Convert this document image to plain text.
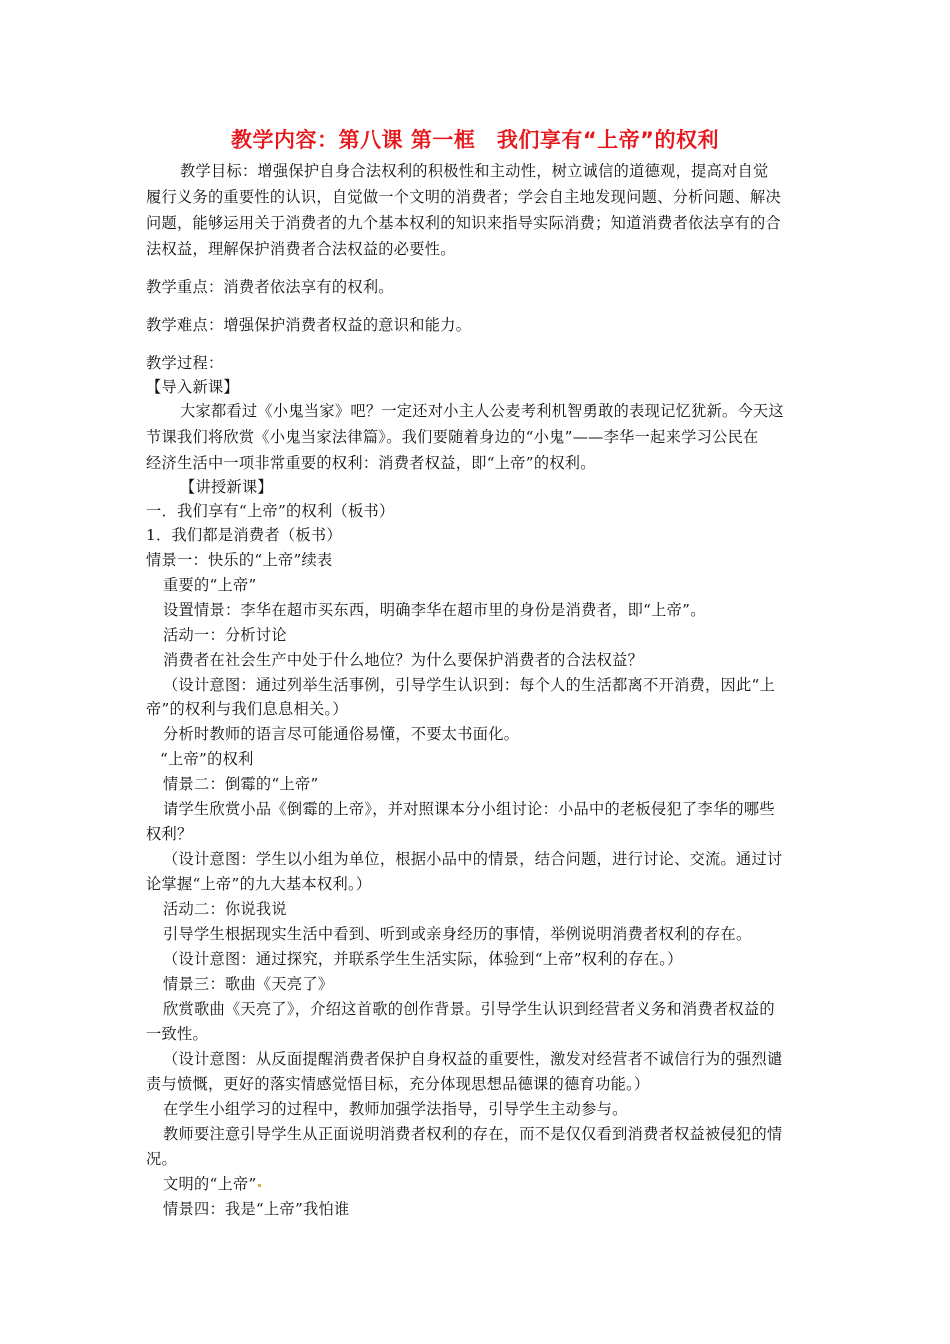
教学内容：第八课 第一框　我们享有“上帝”的权利
教学目标：增强保护自身合法权利的积极性和主动性，树立诚信的道德观，提高对自觉
履行义务的重要性的认识，自觉做一个文明的消费者；学会自主地发现问题、分析问题、解决
问题，能够运用关于消费者的九个基本权利的知识来指导实际消费；知道消费者依法享有的合
法权益，理解保护消费者合法权益的必要性。
教学重点：消费者依法享有的权利。
教学难点：增强保护消费者权益的意识和能力。
教学过程：
【导入新课】
大家都看过《小鬼当家》吧？一定还对小主人公麦考利机智勇敢的表现记忆犹新。今天这
节课我们将欣赏《小鬼当家法律篇》。我们要随着身边的“小鬼”——李华一起来学习公民在
经济生活中一项非常重要的权利：消费者权益，即“上帝”的权利。
【讲授新课】
一．我们享有“上帝”的权利（板书）
1．我们都是消费者（板书）
情景一：快乐的“上帝”续表
重要的“上帝”
设置情景：李华在超市买东西，明确李华在超市里的身份是消费者，即“上帝”。
活动一：分析讨论
消费者在社会生产中处于什么地位？为什么要保护消费者的合法权益？
（设计意图：通过列举生活事例，引导学生认识到：每个人的生活都离不开消费，因此“上
帝”的权利与我们息息相关。）
分析时教师的语言尽可能通俗易懂，不要太书面化。
“上帝”的权利
情景二：倒霉的“上帝”
请学生欣赏小品《倒霉的上帝》，并对照课本分小组讨论：小品中的老板侵犯了李华的哪些
权利？
（设计意图：学生以小组为单位，根据小品中的情景，结合问题，进行讨论、交流。通过讨
论掌握“上帝”的九大基本权利。）
活动二：你说我说
引导学生根据现实生活中看到、听到或亲身经历的事情，举例说明消费者权利的存在。
（设计意图：通过探究，并联系学生生活实际，体验到“上帝”权利的存在。）
情景三：歌曲《天亮了》
欣赏歌曲《天亮了》，介绍这首歌的创作背景。引导学生认识到经营者义务和消费者权益的
一致性。
（设计意图：从反面提醒消费者保护自身权益的重要性，激发对经营者不诚信行为的强烈谴
责与愤慨，更好的落实情感觉悟目标，充分体现思想品德课的德育功能。）
在学生小组学习的过程中，教师加强学法指导，引导学生主动参与。
教师要注意引导学生从正面说明消费者权利的存在，而不是仅仅看到消费者权益被侵犯的情
况。
文明的“上帝”
情景四：我是“上帝”我怕谁
